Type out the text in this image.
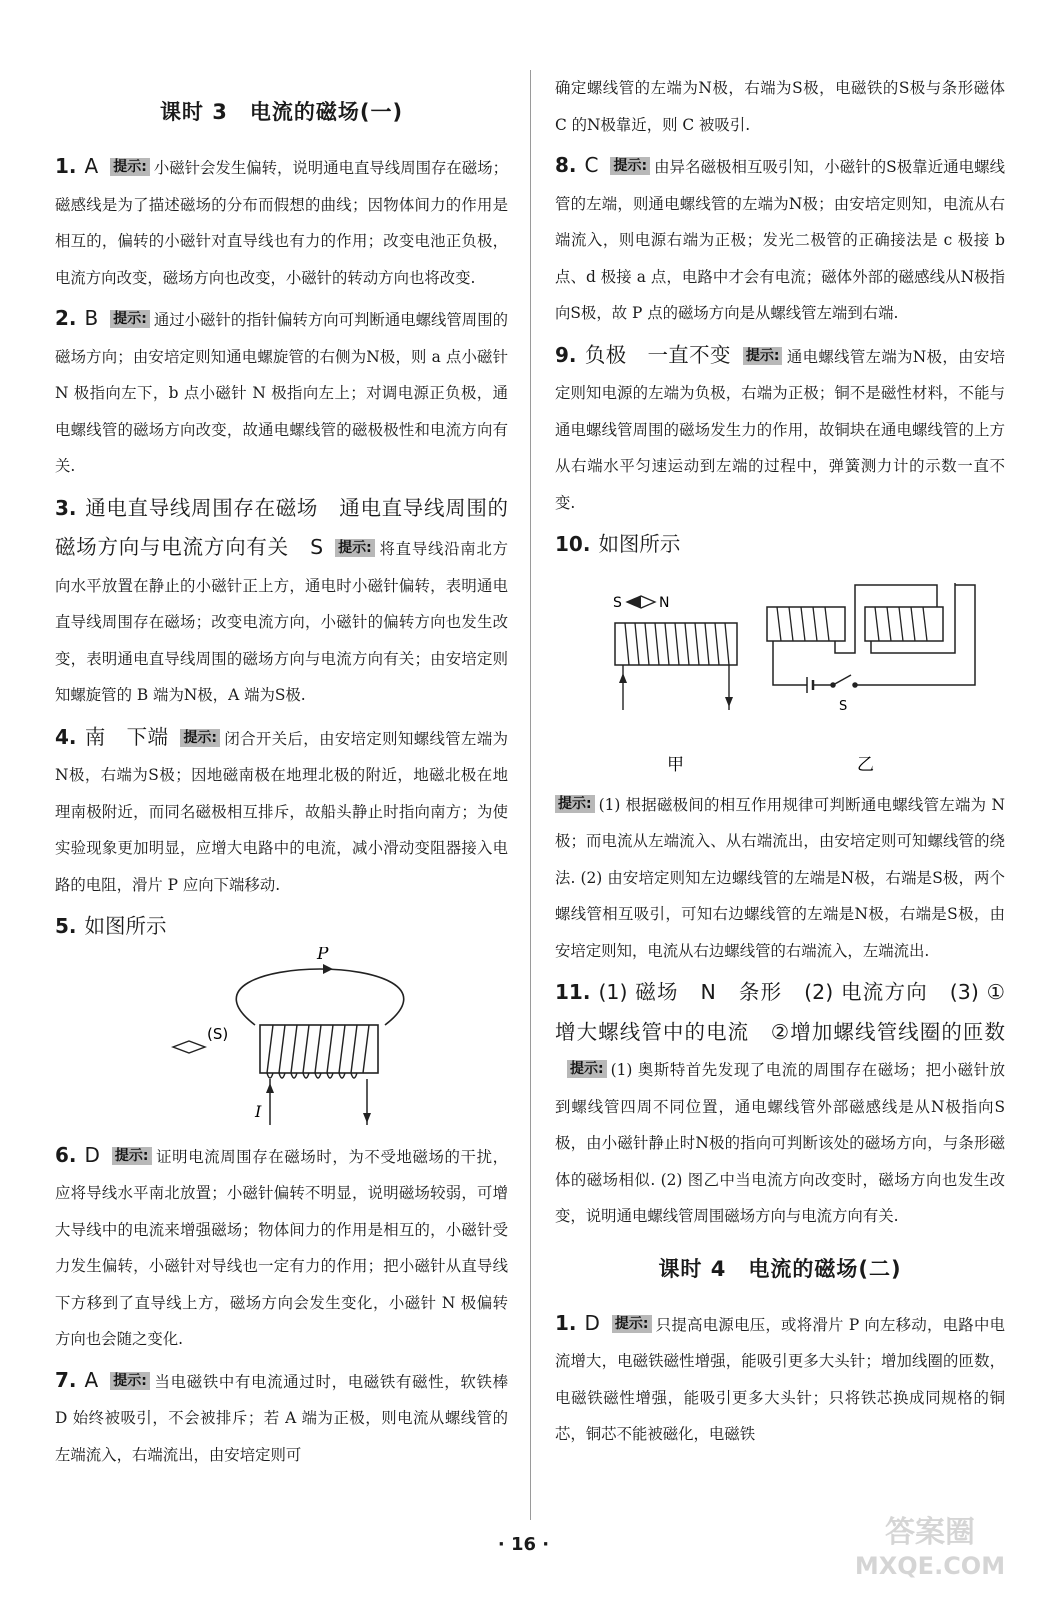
课时 3　电流的磁场(一)

1. A 提示: 小磁针会发生偏转，说明通电直导线周围存在磁场；磁感线是为了描述磁场的分布而假想的曲线；因物体间力的作用是相互的，偏转的小磁针对直导线也有力的作用；改变电池正负极，电流方向改变，磁场方向也改变，小磁针的转动方向也将改变.

2. B 提示: 通过小磁针的指针偏转方向可判断通电螺线管周围的磁场方向；由安培定则知通电螺旋管的右侧为N极，则 a 点小磁针 N 极指向左下，b 点小磁针 N 极指向左上；对调电源正负极，通电螺线管的磁场方向改变，故通电螺线管的磁极极性和电流方向有关.

3. 通电直导线周围存在磁场　通电直导线周围的磁场方向与电流方向有关　S 提示: 将直导线沿南北方向水平放置在静止的小磁针正上方，通电时小磁针偏转，表明通电直导线周围存在磁场；改变电流方向，小磁针的偏转方向也发生改变，表明通电直导线周围的磁场方向与电流方向有关；由安培定则知螺旋管的 B 端为N极，A 端为S极.

4. 南　下端 提示: 闭合开关后，由安培定则知螺线管左端为N极，右端为S极；因地磁南极在地理北极的附近，地磁北极在地理南极附近，而同名磁极相互排斥，故船头静止时指向南方；为使实验现象更加明显，应增大电路中的电流，减小滑动变阻器接入电路的电阻，滑片 P 应向下端移动.

5. 如图所示

P
I
(S)

6. D 提示: 证明电流周围存在磁场时，为不受地磁场的干扰，应将导线水平南北放置；小磁针偏转不明显，说明磁场较弱，可增大导线中的电流来增强磁场；物体间力的作用是相互的，小磁针受力发生偏转，小磁针对导线也一定有力的作用；把小磁针从直导线下方移到了直导线上方，磁场方向会发生变化，小磁针 N 极偏转方向也会随之变化.

7. A 提示: 当电磁铁中有电流通过时，电磁铁有磁性，软铁棒 D 始终被吸引，不会被排斥；若 A 端为正极，则电流从螺线管的左端流入，右端流出，由安培定则可

确定螺线管的左端为N极，右端为S极，电磁铁的S极与条形磁体 C 的N极靠近，则 C 被吸引.

8. C 提示: 由异名磁极相互吸引知，小磁针的S极靠近通电螺线管的左端，则通电螺线管的左端为N极；由安培定则知，电流从右端流入，则电源右端为正极；发光二极管的正确接法是 c 极接 b 点、d 极接 a 点，电路中才会有电流；磁体外部的磁感线从N极指向S极，故 P 点的磁场方向是从螺线管左端到右端.

9. 负极　一直不变 提示: 通电螺线管左端为N极，由安培定则知电源的左端为负极，右端为正极；铜不是磁性材料，不能与通电螺线管周围的磁场发生力的作用，故铜块在通电螺线管的上方从右端水平匀速运动到左端的过程中，弹簧测力计的示数一直不变.

10. 如图所示

S	N
甲
S
乙

提示: (1) 根据磁极间的相互作用规律可判断通电螺线管左端为 N 极；而电流从左端流入、从右端流出，由安培定则可知螺线管的绕法. (2) 由安培定则知左边螺线管的左端是N极，右端是S极，两个螺线管相互吸引，可知右边螺线管的左端是N极，右端是S极，由安培定则知，电流从右边螺线管的右端流入，左端流出.

11. (1) 磁场　N　条形　(2) 电流方向　(3) ①增大螺线管中的电流　②增加螺线管线圈的匝数提示: (1) 奥斯特首先发现了电流的周围存在磁场；把小磁针放到螺线管四周不同位置，通电螺线管外部磁感线是从N极指向S极，由小磁针静止时N极的指向可判断该处的磁场方向，与条形磁体的磁场相似. (2) 图乙中当电流方向改变时，磁场方向也发生改变，说明通电螺线管周围磁场方向与电流方向有关.

课时 4　电流的磁场(二)

1. D 提示: 只提高电源电压，或将滑片 P 向左移动，电路中电流增大，电磁铁磁性增强，能吸引更多大头针；增加线圈的匝数，电磁铁磁性增强，能吸引更多大头针；只将铁芯换成同规格的铜芯，铜芯不能被磁化，电磁铁

· 16 ·	答案圈
MXQE.COM
